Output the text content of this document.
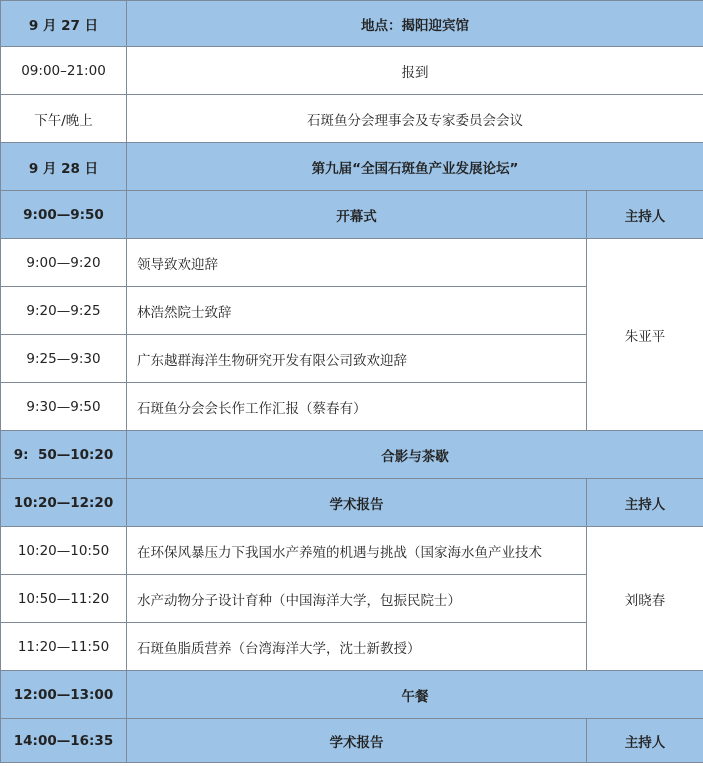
9 月 27 日	地点：揭阳迎宾馆	
09:00–21:00	报到	
下午/晚上	石斑鱼分会理事会及专家委员会会议	
9 月 28 日	第九届“全国石斑鱼产业发展论坛”	
9:00—9:50	开幕式	主持人
9:00—9:20	领导致欢迎辞	朱亚平
9:20—9:25	林浩然院士致辞	
9:25—9:30	广东越群海洋生物研究开发有限公司致欢迎辞	
9:30—9:50	石斑鱼分会会长作工作汇报（蔡春有）	
9:  50—10:20	合影与茶歇	
10:20—12:20	学术报告	主持人
10:20—10:50	在环保风暴压力下我国水产养殖的机遇与挑战（国家海水鱼产业技术	刘晓春
10:50—11:20	水产动物分子设计育种（中国海洋大学，包振民院士）	
11:20—11:50	石斑鱼脂质营养（台湾海洋大学，沈士新教授）	
12:00—13:00	午餐	
14:00—16:35	学术报告	主持人
